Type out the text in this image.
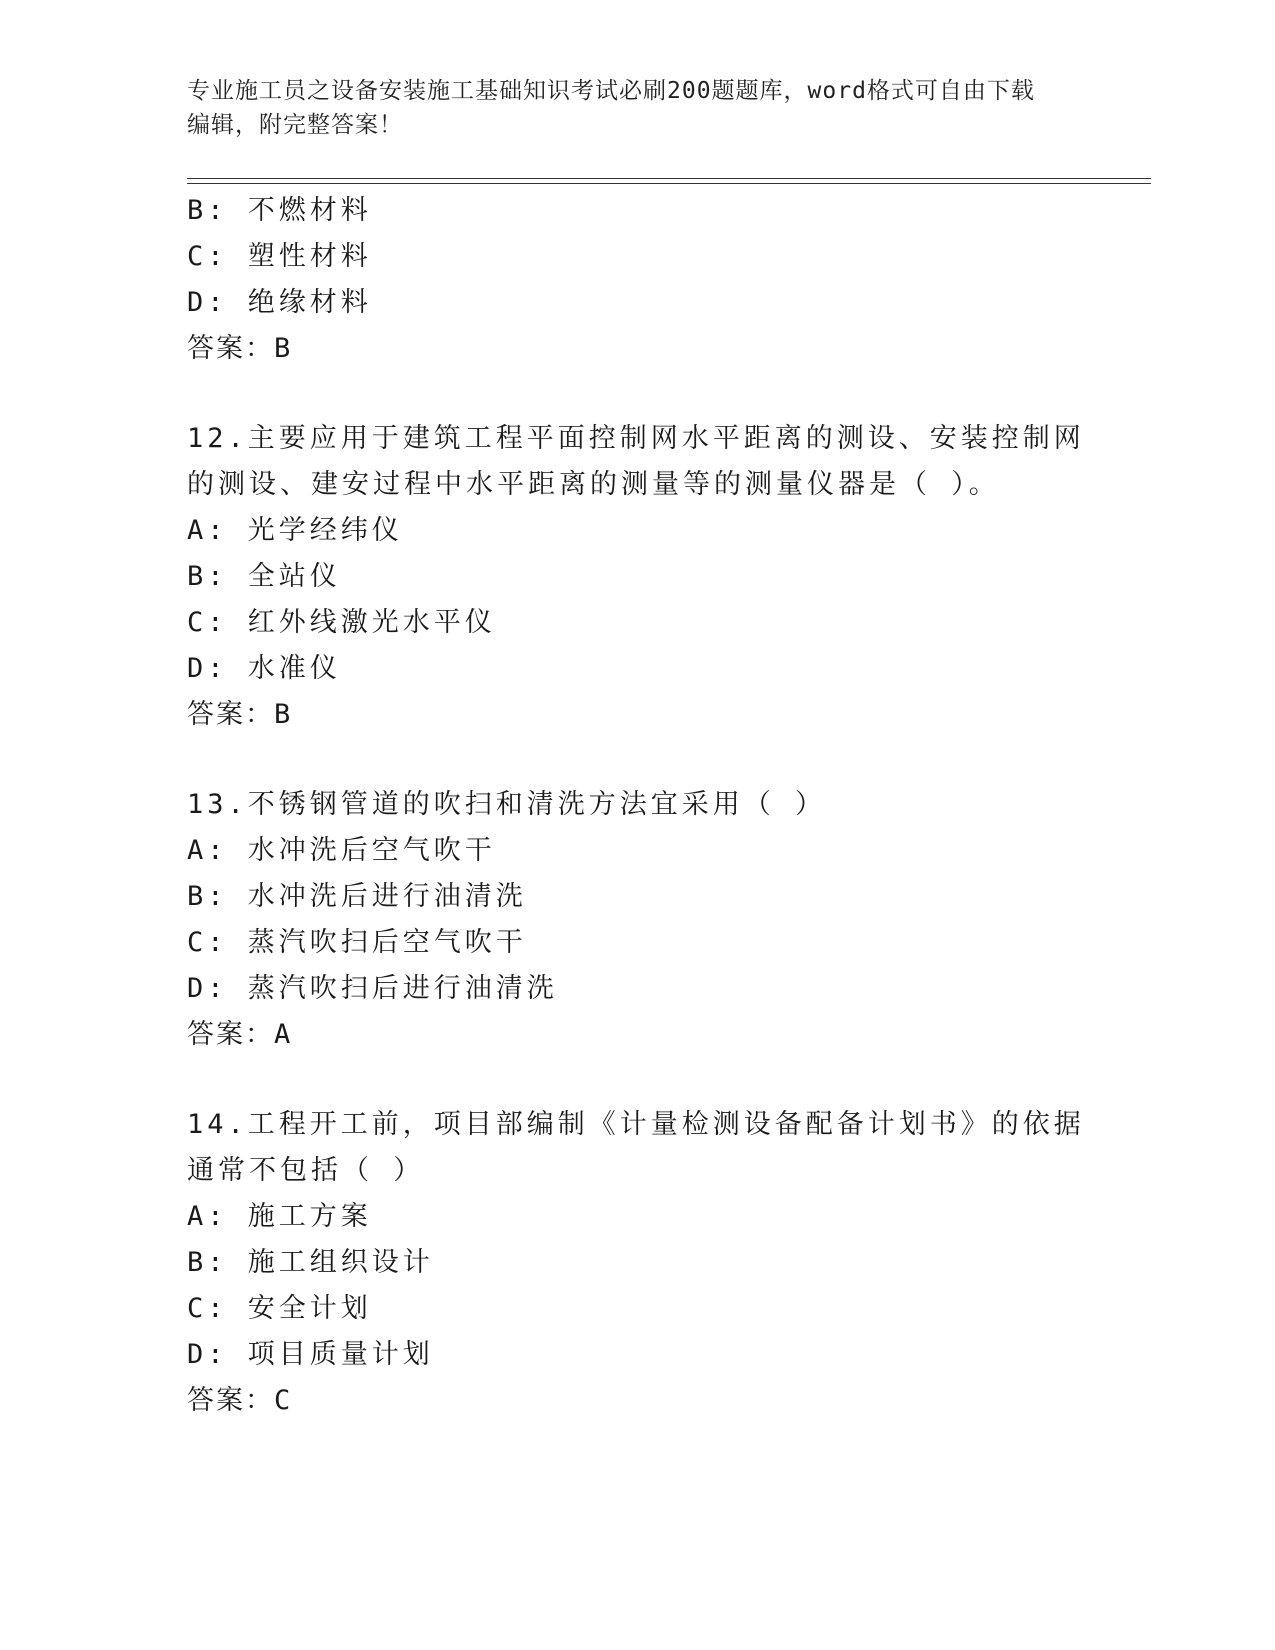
专业施工员之设备安装施工基础知识考试必刷200题题库，word格式可自由下载
编辑，附完整答案！
B: 不燃材料
C: 塑性材料
D: 绝缘材料
答案：B
12.主要应用于建筑工程平面控制网水平距离的测设、安装控制网的测设、建安过程中水平距离的测量等的测量仪器是（ ）。
A: 光学经纬仪
B: 全站仪
C: 红外线激光水平仪
D: 水准仪
答案：B
13.不锈钢管道的吹扫和清洗方法宜采用（ ）
A: 水冲洗后空气吹干
B: 水冲洗后进行油清洗
C: 蒸汽吹扫后空气吹干
D: 蒸汽吹扫后进行油清洗
答案：A
14.工程开工前，项目部编制《计量检测设备配备计划书》的依据通常不包括（ ）
A: 施工方案
B: 施工组织设计
C: 安全计划
D: 项目质量计划
答案：C
